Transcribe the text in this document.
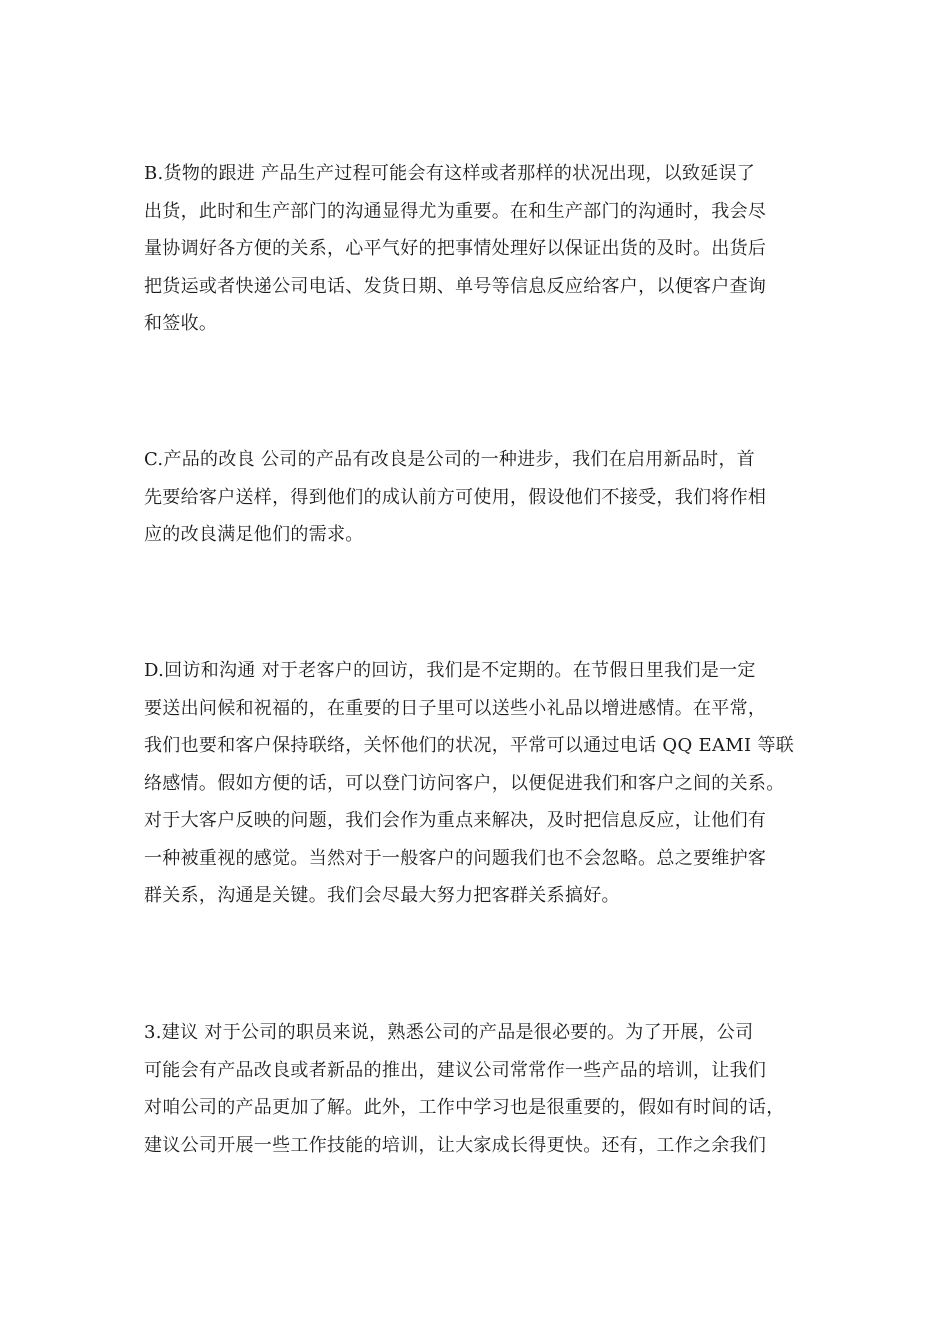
B.货物的跟进 产品生产过程可能会有这样或者那样的状况出现，以致延误了
出货，此时和生产部门的沟通显得尤为重要。在和生产部门的沟通时，我会尽
量协调好各方便的关系，心平气好的把事情处理好以保证出货的及时。出货后
把货运或者快递公司电话、发货日期、单号等信息反应给客户，以便客户查询
和签收。
C.产品的改良 公司的产品有改良是公司的一种进步，我们在启用新品时，首
先要给客户送样，得到他们的成认前方可使用，假设他们不接受，我们将作相
应的改良满足他们的需求。
D.回访和沟通 对于老客户的回访，我们是不定期的。在节假日里我们是一定
要送出问候和祝福的，在重要的日子里可以送些小礼品以增进感情。在平常，
我们也要和客户保持联络，关怀他们的状况，平常可以通过电话 QQ EAMI 等联
络感情。假如方便的话，可以登门访问客户，以便促进我们和客户之间的关系。
对于大客户反映的问题，我们会作为重点来解决，及时把信息反应，让他们有
一种被重视的感觉。当然对于一般客户的问题我们也不会忽略。总之要维护客
群关系，沟通是关键。我们会尽最大努力把客群关系搞好。
3.建议 对于公司的职员来说，熟悉公司的产品是很必要的。为了开展，公司
可能会有产品改良或者新品的推出，建议公司常常作一些产品的培训，让我们
对咱公司的产品更加了解。此外，工作中学习也是很重要的，假如有时间的话，
建议公司开展一些工作技能的培训，让大家成长得更快。还有，工作之余我们
